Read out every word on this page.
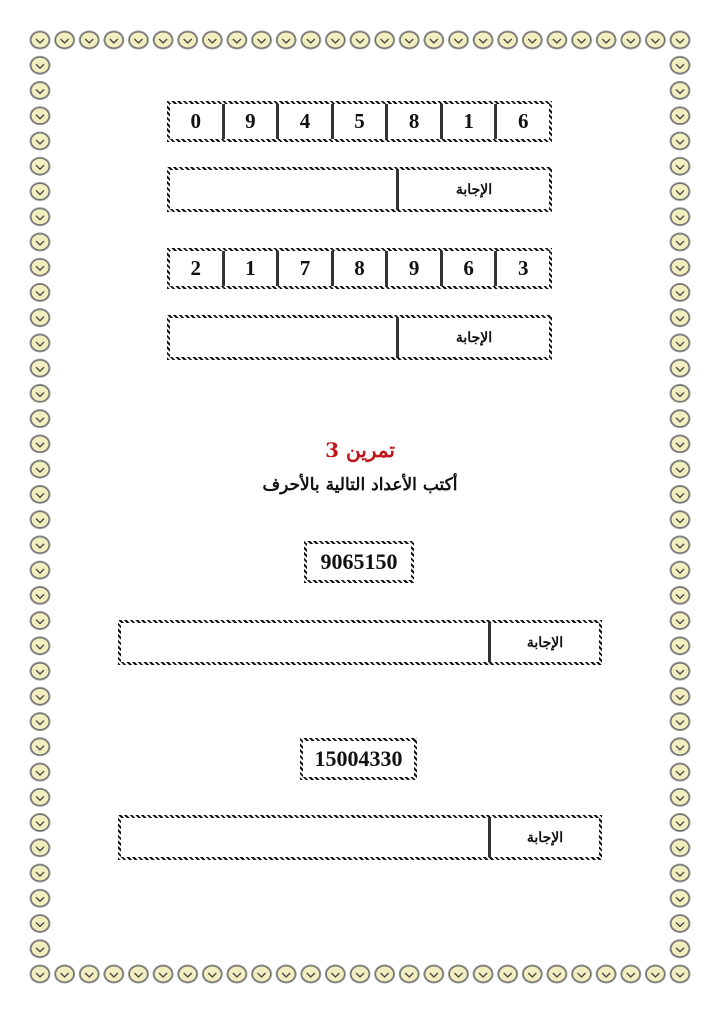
0	9	4	5	8	1	6
الإجابة
2	1	7	8	9	6	3
الإجابة
تمرين 3
أكتب الأعداد التالية بالأحرف
9065150
الإجابة
15004330
الإجابة
